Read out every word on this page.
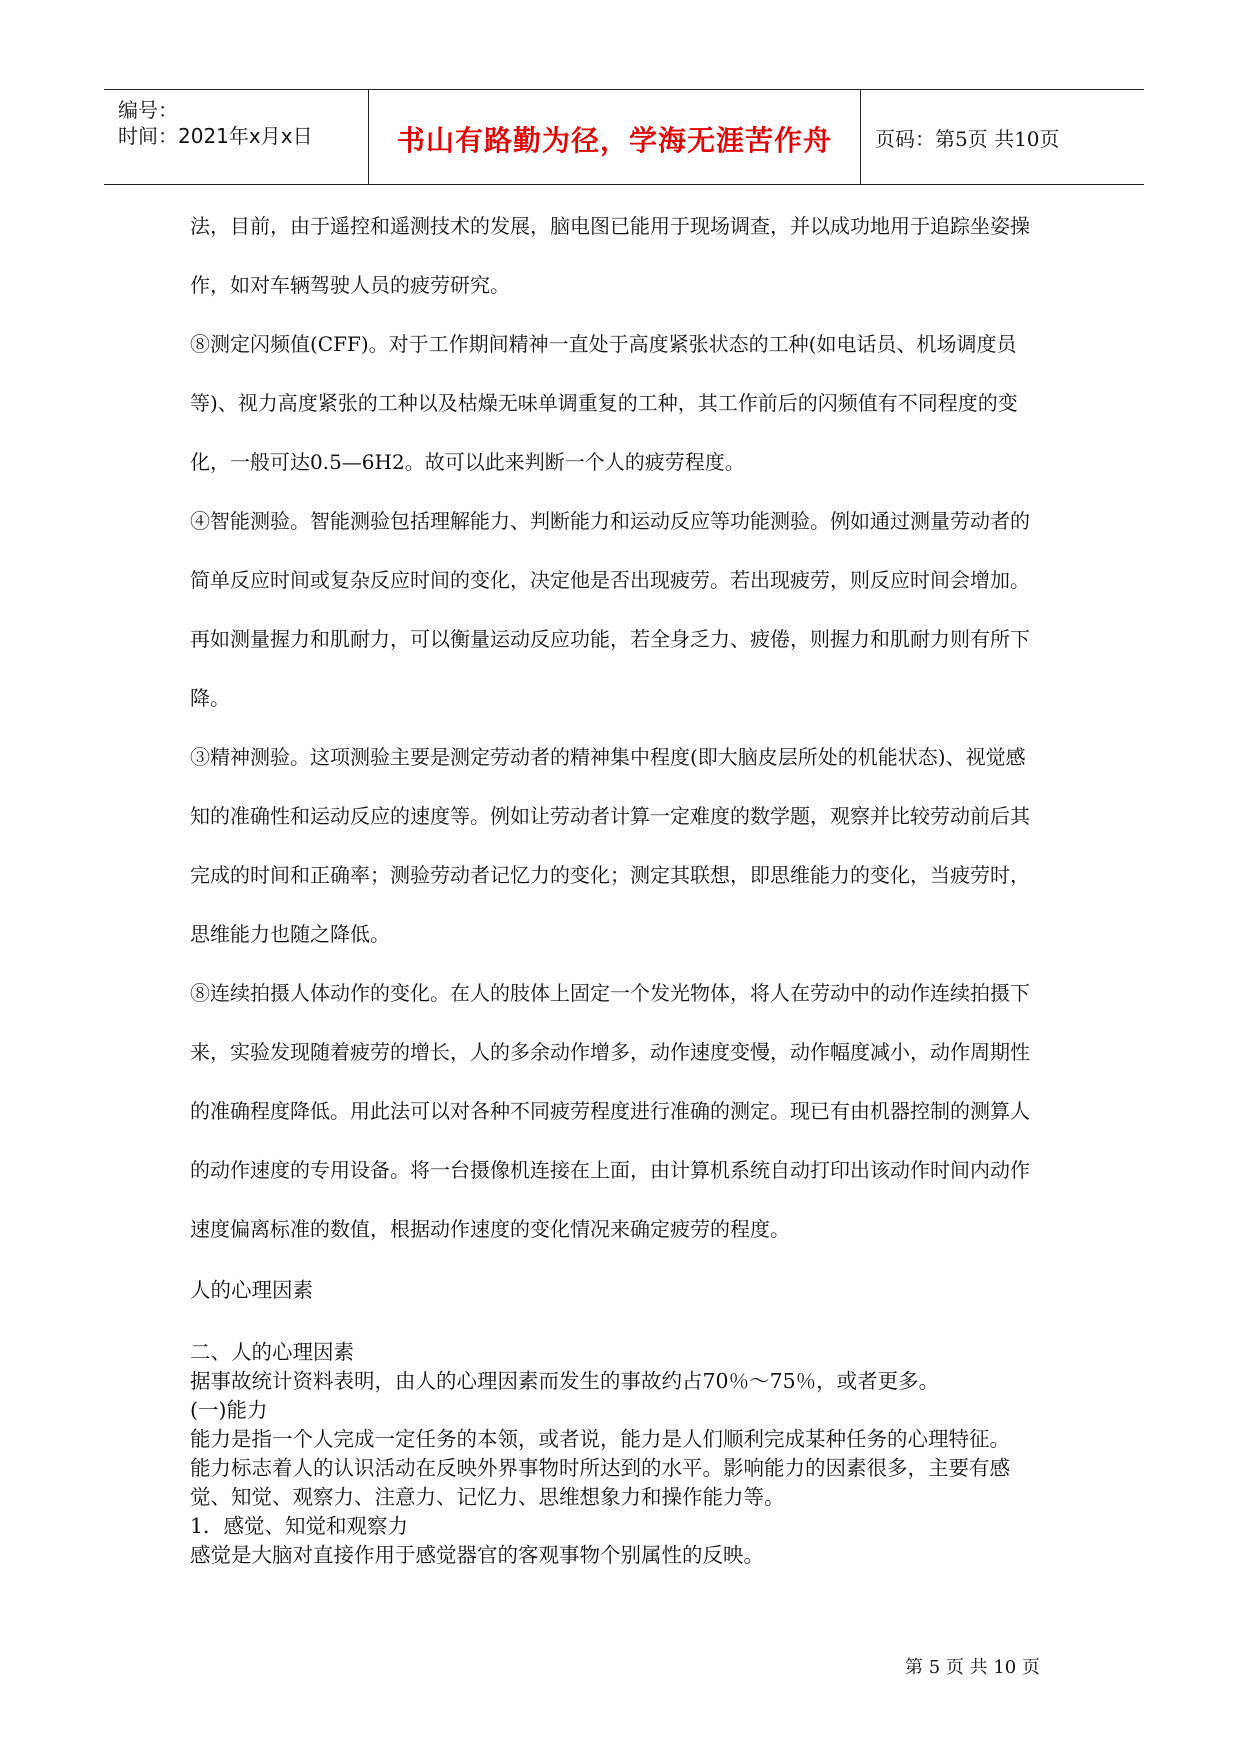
编号：
时间：2021年x月x日	书山有路勤为径，学海无涯苦作舟	页码：第5页 共10页
法，目前，由于遥控和遥测技术的发展，脑电图已能用于现场调查，并以成功地用于追踪坐姿操
作，如对车辆驾驶人员的疲劳研究。
⑧测定闪频值(CFF)。对于工作期间精神一直处于高度紧张状态的工种(如电话员、机场调度员
等)、视力高度紧张的工种以及枯燥无味单调重复的工种，其工作前后的闪频值有不同程度的变
化，一般可达0.5—6H2。故可以此来判断一个人的疲劳程度。
④智能测验。智能测验包括理解能力、判断能力和运动反应等功能测验。例如通过测量劳动者的
简单反应时间或复杂反应时间的变化，决定他是否出现疲劳。若出现疲劳，则反应时间会增加。
再如测量握力和肌耐力，可以衡量运动反应功能，若全身乏力、疲倦，则握力和肌耐力则有所下
降。
③精神测验。这项测验主要是测定劳动者的精神集中程度(即大脑皮层所处的机能状态)、视觉感
知的准确性和运动反应的速度等。例如让劳动者计算一定难度的数学题，观察并比较劳动前后其
完成的时间和正确率；测验劳动者记忆力的变化；测定其联想，即思维能力的变化，当疲劳时，
思维能力也随之降低。
⑧连续拍摄人体动作的变化。在人的肢体上固定一个发光物体，将人在劳动中的动作连续拍摄下
来，实验发现随着疲劳的增长，人的多余动作增多，动作速度变慢，动作幅度减小，动作周期性
的准确程度降低。用此法可以对各种不同疲劳程度进行准确的测定。现已有由机器控制的测算人
的动作速度的专用设备。将一台摄像机连接在上面，由计算机系统自动打印出该动作时间内动作
速度偏离标准的数值，根据动作速度的变化情况来确定疲劳的程度。
人的心理因素
二、人的心理因素
据事故统计资料表明，由人的心理因素而发生的事故约占70％～75％，或者更多。
(一)能力
能力是指一个人完成一定任务的本领，或者说，能力是人们顺利完成某种任务的心理特征。
能力标志着人的认识活动在反映外界事物时所达到的水平。影响能力的因素很多，主要有感
觉、知觉、观察力、注意力、记忆力、思维想象力和操作能力等。
1．感觉、知觉和观察力
感觉是大脑对直接作用于感觉器官的客观事物个别属性的反映。
第 5 页 共 10 页
